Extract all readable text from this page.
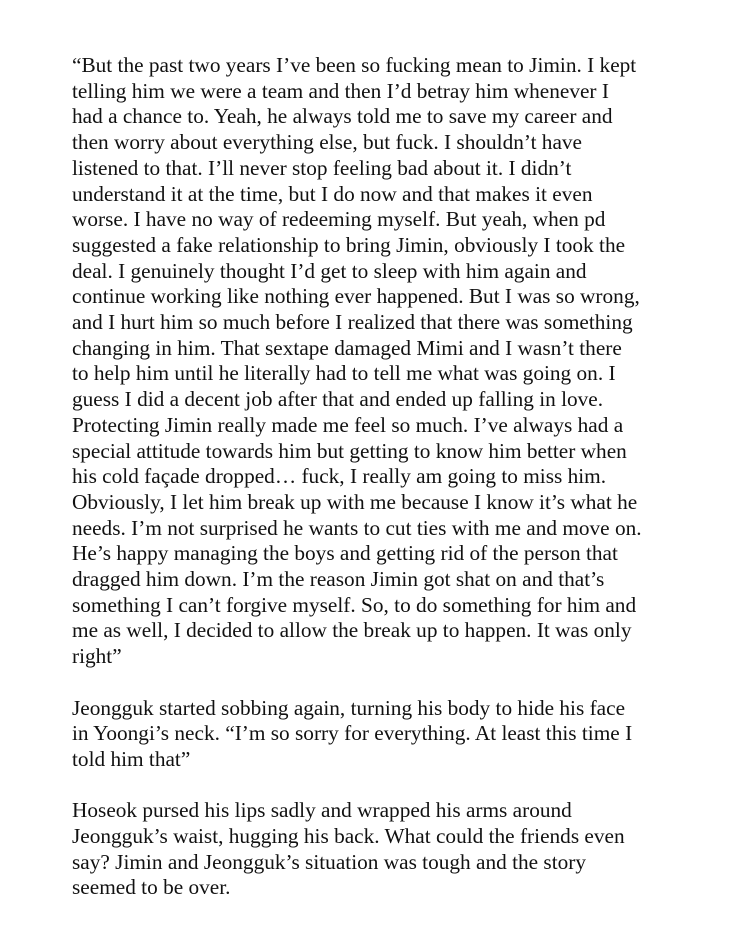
“But the past two years I’ve been so fucking mean to Jimin. I kept
telling him we were a team and then I’d betray him whenever I
had a chance to. Yeah, he always told me to save my career and
then worry about everything else, but fuck. I shouldn’t have
listened to that. I’ll never stop feeling bad about it. I didn’t
understand it at the time, but I do now and that makes it even
worse. I have no way of redeeming myself. But yeah, when pd
suggested a fake relationship to bring Jimin, obviously I took the
deal. I genuinely thought I’d get to sleep with him again and
continue working like nothing ever happened. But I was so wrong,
and I hurt him so much before I realized that there was something
changing in him. That sextape damaged Mimi and I wasn’t there
to help him until he literally had to tell me what was going on. I
guess I did a decent job after that and ended up falling in love.
Protecting Jimin really made me feel so much. I’ve always had a
special attitude towards him but getting to know him better when
his cold façade dropped… fuck, I really am going to miss him.
Obviously, I let him break up with me because I know it’s what he
needs. I’m not surprised he wants to cut ties with me and move on.
He’s happy managing the boys and getting rid of the person that
dragged him down. I’m the reason Jimin got shat on and that’s
something I can’t forgive myself. So, to do something for him and
me as well, I decided to allow the break up to happen. It was only
right”

Jeongguk started sobbing again, turning his body to hide his face
in Yoongi’s neck. “I’m so sorry for everything. At least this time I
told him that”

Hoseok pursed his lips sadly and wrapped his arms around
Jeongguk’s waist, hugging his back. What could the friends even
say? Jimin and Jeongguk’s situation was tough and the story
seemed to be over.
